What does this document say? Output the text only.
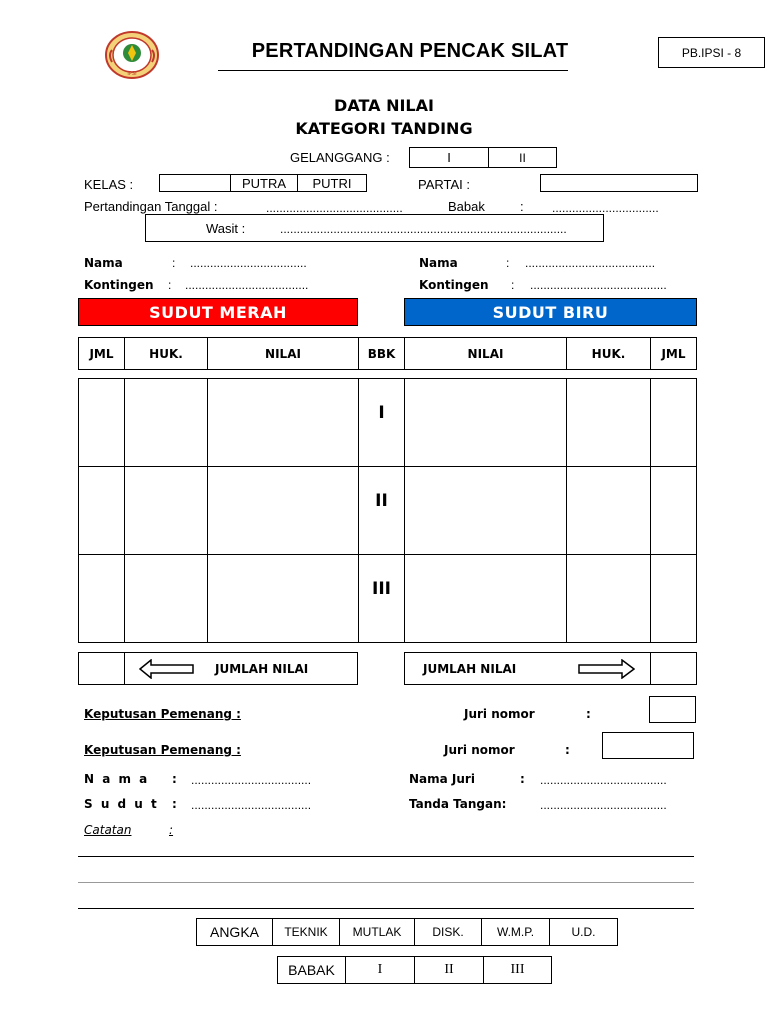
IPSI
PERTANDINGAN PENCAK SILAT	PB.IPSI - 8
DATA NILAI
KATEGORI TANDING
GELANGGANG :	I	II
KELAS :	PUTRA	PUTRI	PARTAI :
Pertandingan Tanggal :	.........................................	Babak	: ................................
Wasit :	......................................................................................
Nama	: ...................................
Kontingen : .....................................
Nama	: .......................................
Kontingen : .........................................
SUDUT MERAH	SUDUT BIRU
JML	HUK.	NILAI	BBK	NILAI	HUK.	JML
I
II
III
JUMLAH NILAI	JUMLAH NILAI
Keputusan Pemenang :	Juri nomor	:
Keputusan Pemenang :	Juri nomor	:
N a m a : ....................................	Nama Juri	: ......................................
S u d u t : ....................................	Tanda Tangan:	......................................
Catatan	:
ANGKA	TEKNIK	MUTLAK	DISK.	W.M.P.	U.D.
BABAK	I	II	III
